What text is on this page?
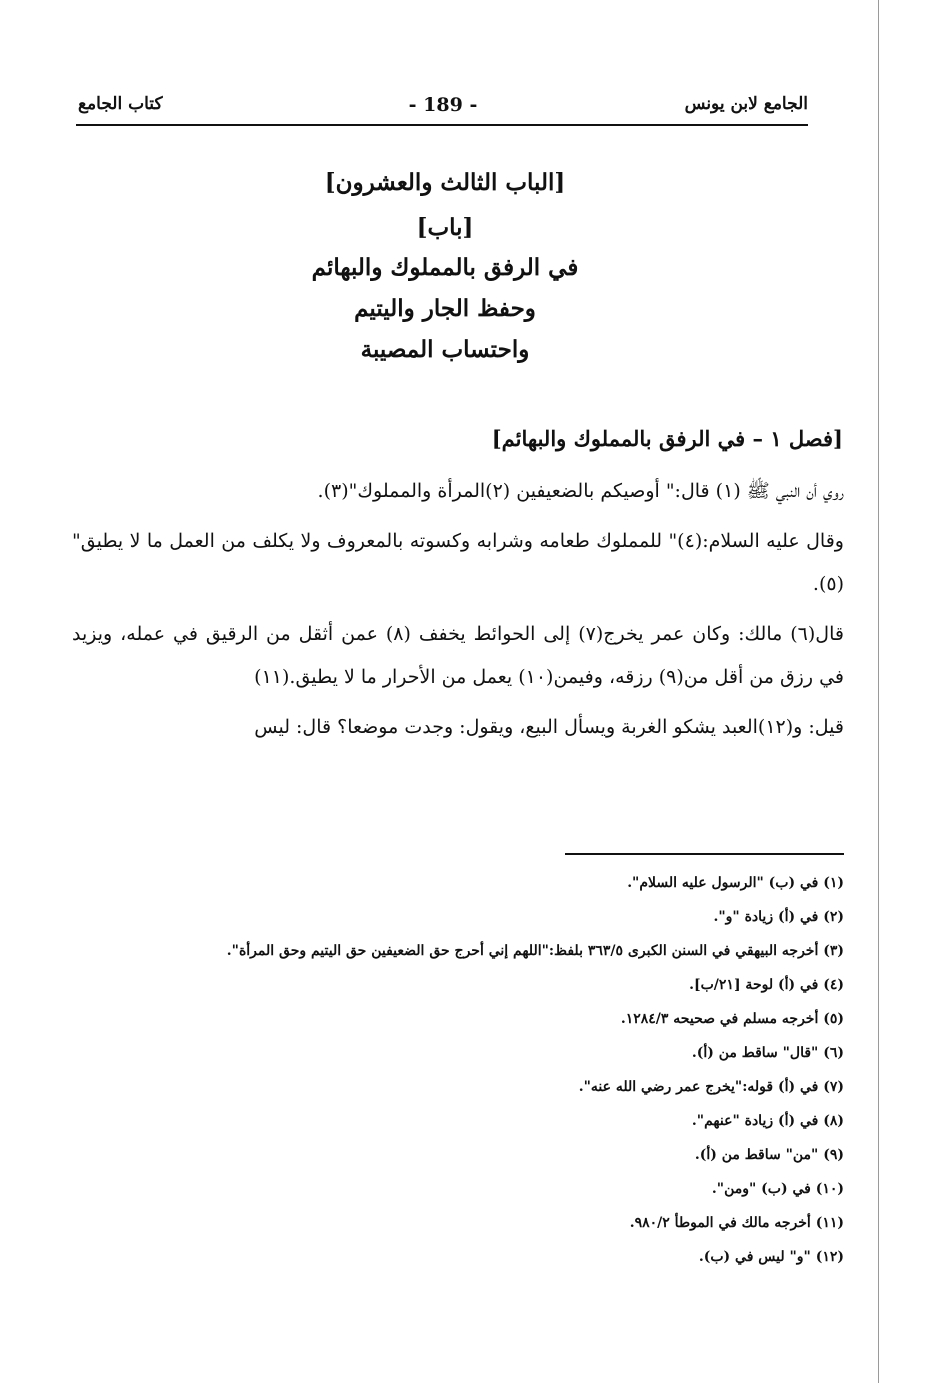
الجامع لابن يونس
- 189 -
كتاب الجامع
[الباب الثالث والعشرون]
[باب]
في الرفق بالمملوك والبهائم
وحفظ الجار واليتيم
واحتساب المصيبة
[فصل ١ – في الرفق بالمملوك والبهائم]

روي أن النبي ﷺ (١) قال:" أوصيكم بالضعيفين (٢)المرأة والمملوك"(٣).

وقال عليه السلام:(٤)" للمملوك طعامه وشرابه وكسوته بالمعروف ولا يكلف من العمل ما لا يطيق"(٥).

قال(٦) مالك: وكان عمر يخرج(٧) إلى الحوائط يخفف (٨) عمن أثقل من الرقيق في عمله، ويزيد في رزق من أقل من(٩) رزقه، وفيمن(١٠) يعمل من الأحرار ما لا يطيق.(١١)

قيل: و(١٢)العبد يشكو الغربة ويسأل البيع، ويقول: وجدت موضعا؟ قال: ليس

(١) في (ب) "الرسول عليه السلام".
(٢) في (أ) زيادة "و".
(٣) أخرجه البيهقي في السنن الكبرى ٣٦٣/٥ بلفظ:"اللهم إني أحرج حق الضعيفين حق اليتيم وحق المرأة".
(٤) في (أ) لوحة [٢١/ب].
(٥) أخرجه مسلم في صحيحه ١٢٨٤/٣.
(٦) "قال" ساقط من (أ).
(٧) في (أ) قوله:"يخرج عمر رضي الله عنه".
(٨) في (أ) زيادة "عنهم".
(٩) "من" ساقط من (أ).
(١٠) في (ب) "ومن".
(١١) أخرجه مالك في الموطأ ٩٨٠/٢.
(١٢) "و" ليس في (ب).
